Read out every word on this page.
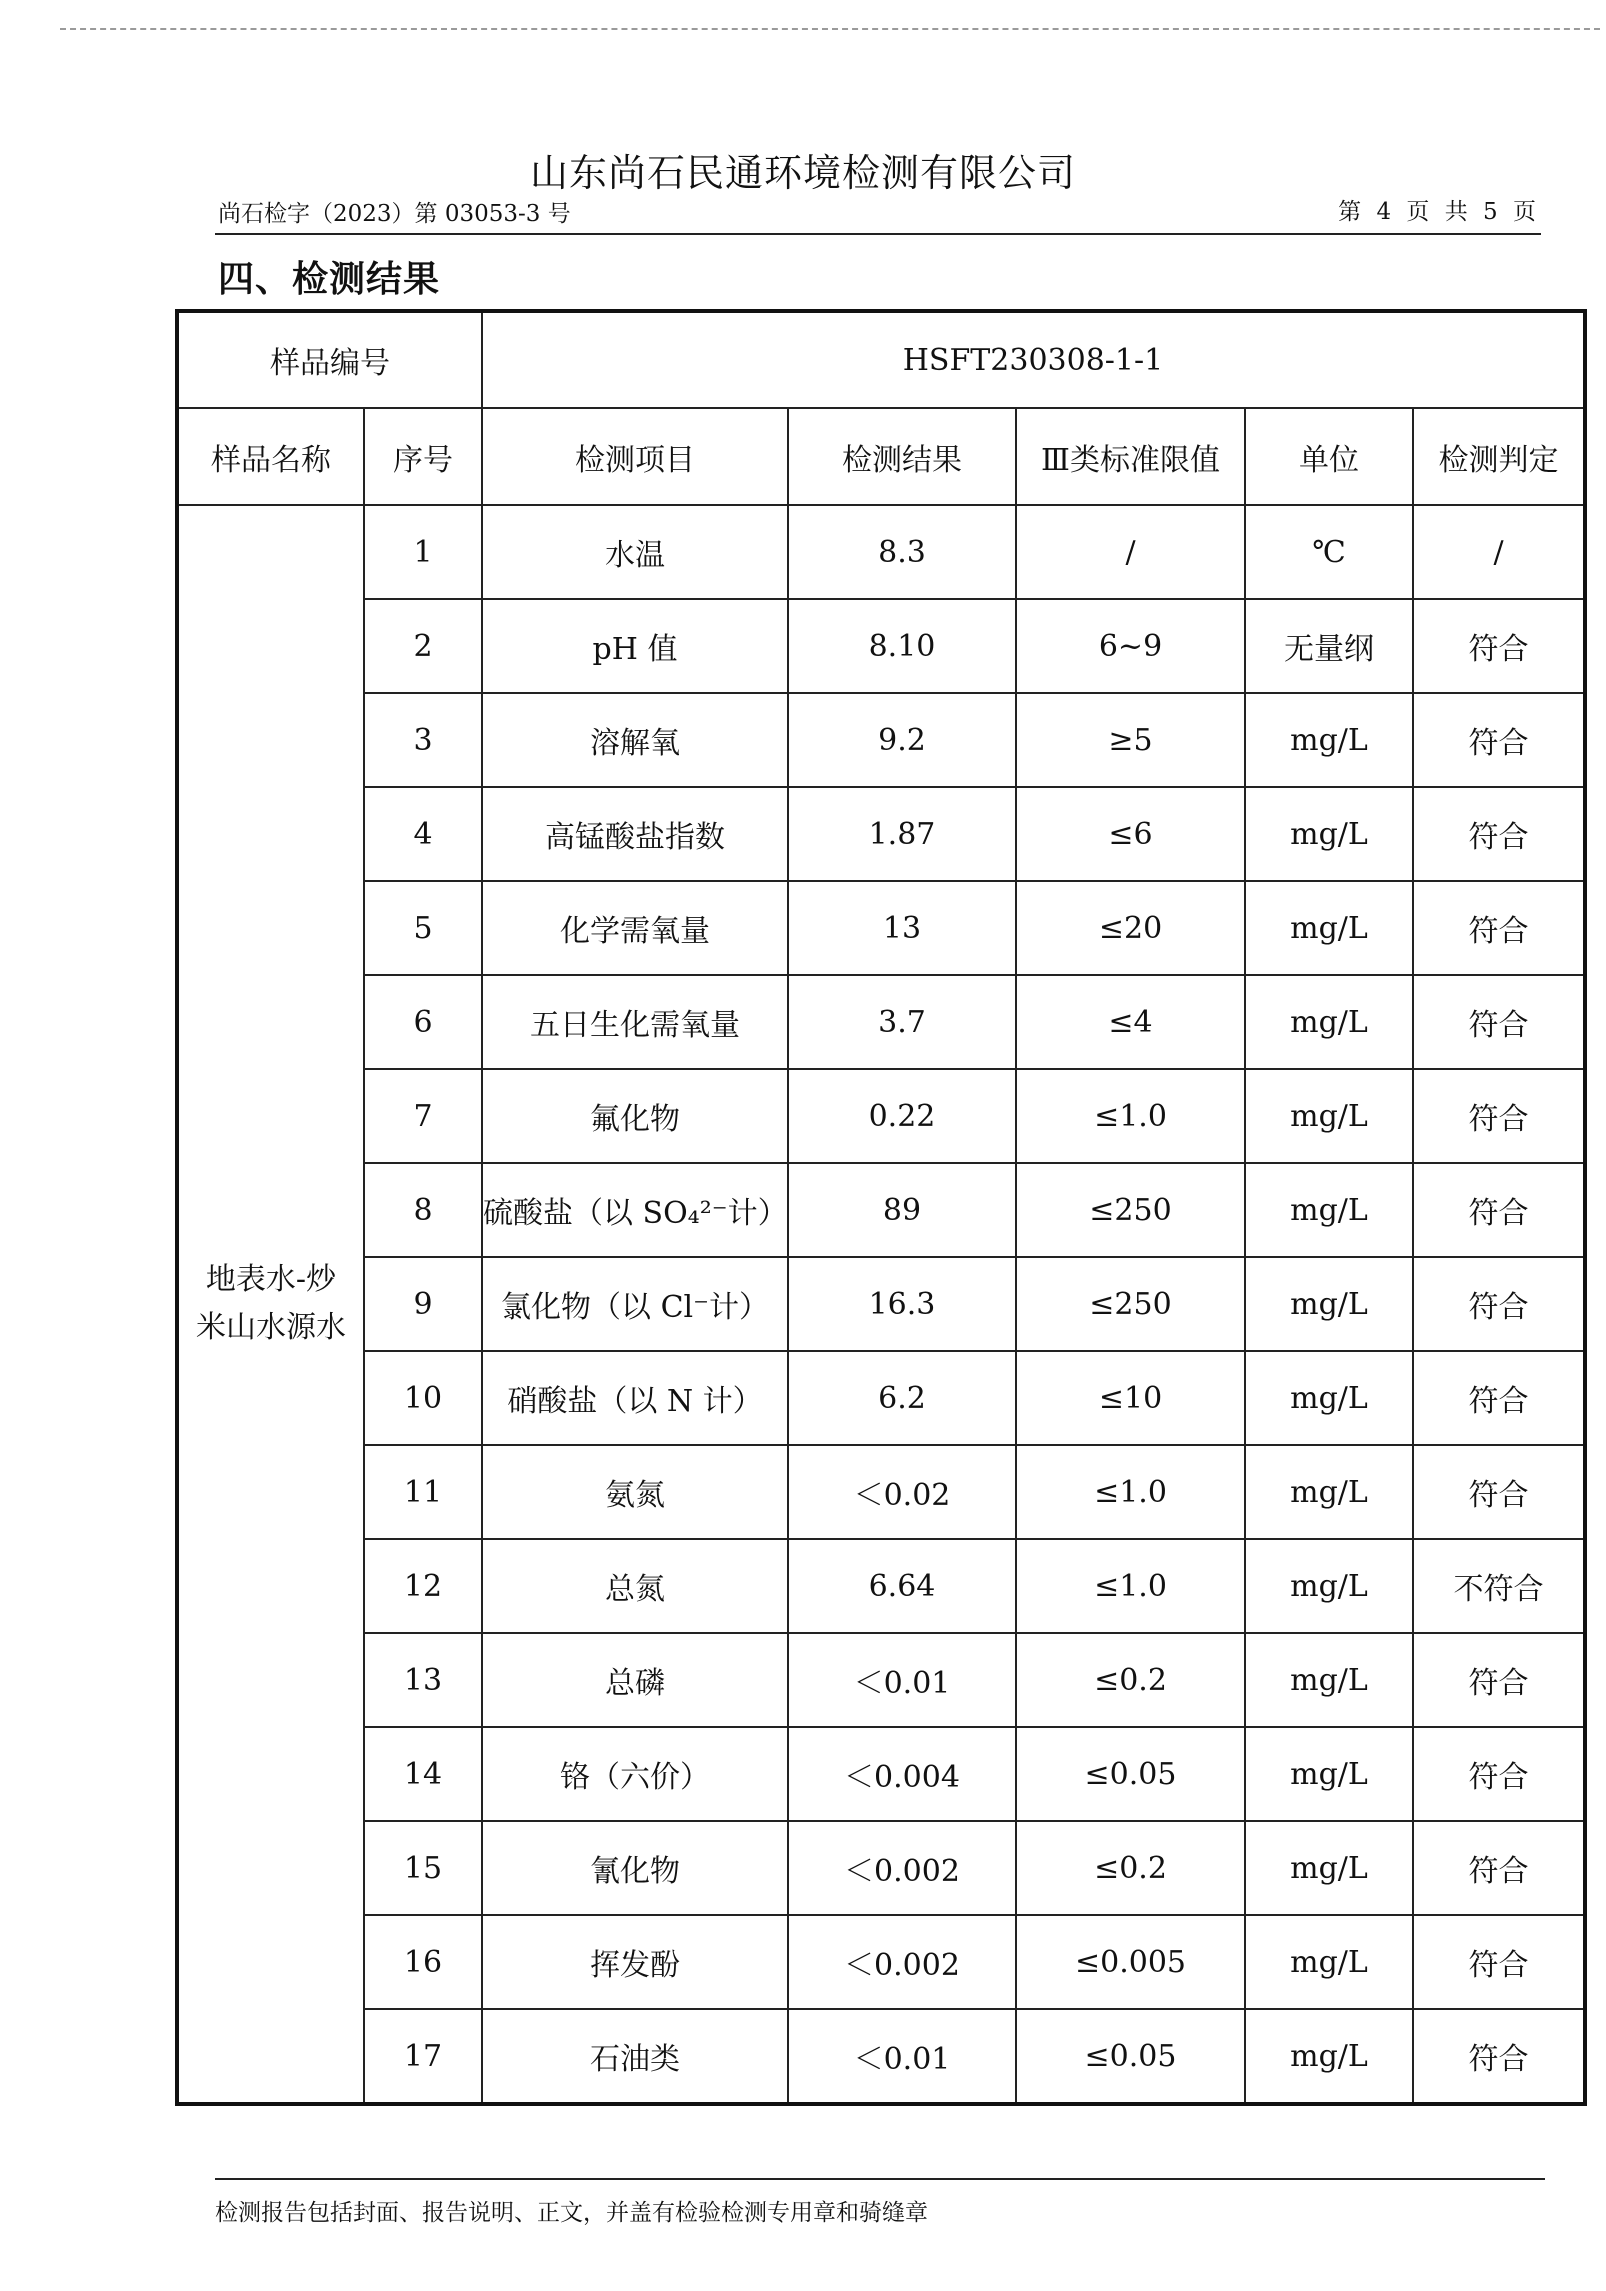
山东尚石民通环境检测有限公司
尚石检字（2023）第 03053-3 号	第 4 页 共 5 页
四、检测结果
样品编号		HSFT230308-1-1				
样品名称	序号	检测项目	检测结果	Ⅲ类标准限值	单位	检测判定
地表水-炒米山水源水	1	水温	8.3	/	℃	/
	2	pH 值	8.10	6~9	无量纲	符合
	3	溶解氧	9.2	≥5	mg/L	符合
	4	高锰酸盐指数	1.87	≤6	mg/L	符合
	5	化学需氧量	13	≤20	mg/L	符合
	6	五日生化需氧量	3.7	≤4	mg/L	符合
	7	氟化物	0.22	≤1.0	mg/L	符合
	8	硫酸盐（以 SO₄²⁻计）	89	≤250	mg/L	符合
	9	氯化物（以 Cl⁻计）	16.3	≤250	mg/L	符合
	10	硝酸盐（以 N 计）	6.2	≤10	mg/L	符合
	11	氨氮	＜0.02	≤1.0	mg/L	符合
	12	总氮	6.64	≤1.0	mg/L	不符合
	13	总磷	＜0.01	≤0.2	mg/L	符合
	14	铬（六价）	＜0.004	≤0.05	mg/L	符合
	15	氰化物	＜0.002	≤0.2	mg/L	符合
	16	挥发酚	＜0.002	≤0.005	mg/L	符合
	17	石油类	＜0.01	≤0.05	mg/L	符合
检测报告包括封面、报告说明、正文，并盖有检验检测专用章和骑缝章
